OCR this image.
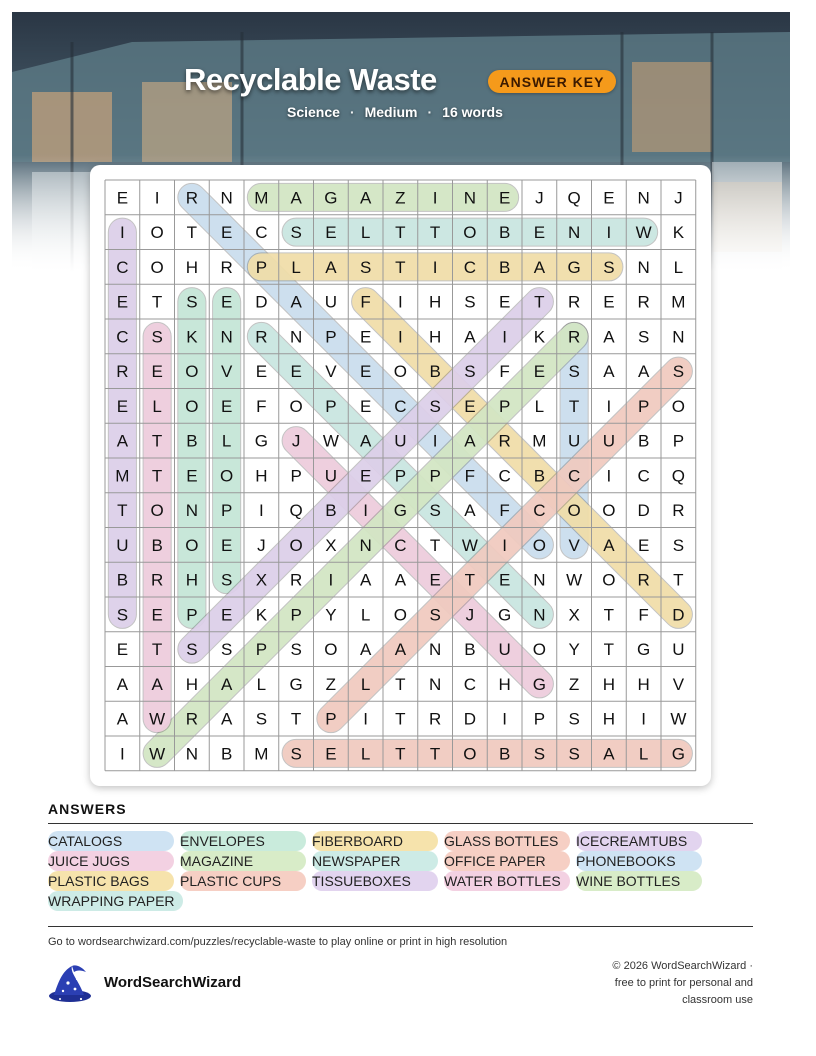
Recyclable Waste	ANSWER KEY
Science · Medium · 16 words
E I R N M A G A Z I N E J Q E N J
I O T E C S E L T T O B E N I W K
C O H R P L A S T I C B A G S N L
E T S E D A U F I H S E T R E R M
C S K N R N P E I H A I K R A S N
R E O V E E V E O B S F E S A A S
E L O E F O P E C S E P L T I P O
A T B L G J W A U I A R M U U B P
M T E O H P U E P P F C B C I C Q
T O N P I Q B I G S A F C O O D R
U B O E J O X N C T W I O V A E S
B R H S X R I A A E T E N W O R T
S E P E K P Y L O S J G N X T F D
E T S S P S O A A N B U O Y T G U
A A H A L G Z L T N C H G Z H H V
A W R A S T P I T R D I P S H I W
I W N B M S E L T T O B S S A L G
ANSWERS
CATALOGS	ENVELOPES	FIBERBOARD	GLASS BOTTLES	ICECREAMTUBS
JUICE JUGS	MAGAZINE	NEWSPAPER	OFFICE PAPER	PHONEBOOKS
PLASTIC BAGS	PLASTIC CUPS	TISSUEBOXES	WATER BOTTLES	WINE BOTTLES
WRAPPING PAPER
Go to wordsearchwizard.com/puzzles/recyclable-waste to play online or print in high resolution
WordSearchWizard
© 2026 WordSearchWizard ·
free to print for personal and
classroom use
